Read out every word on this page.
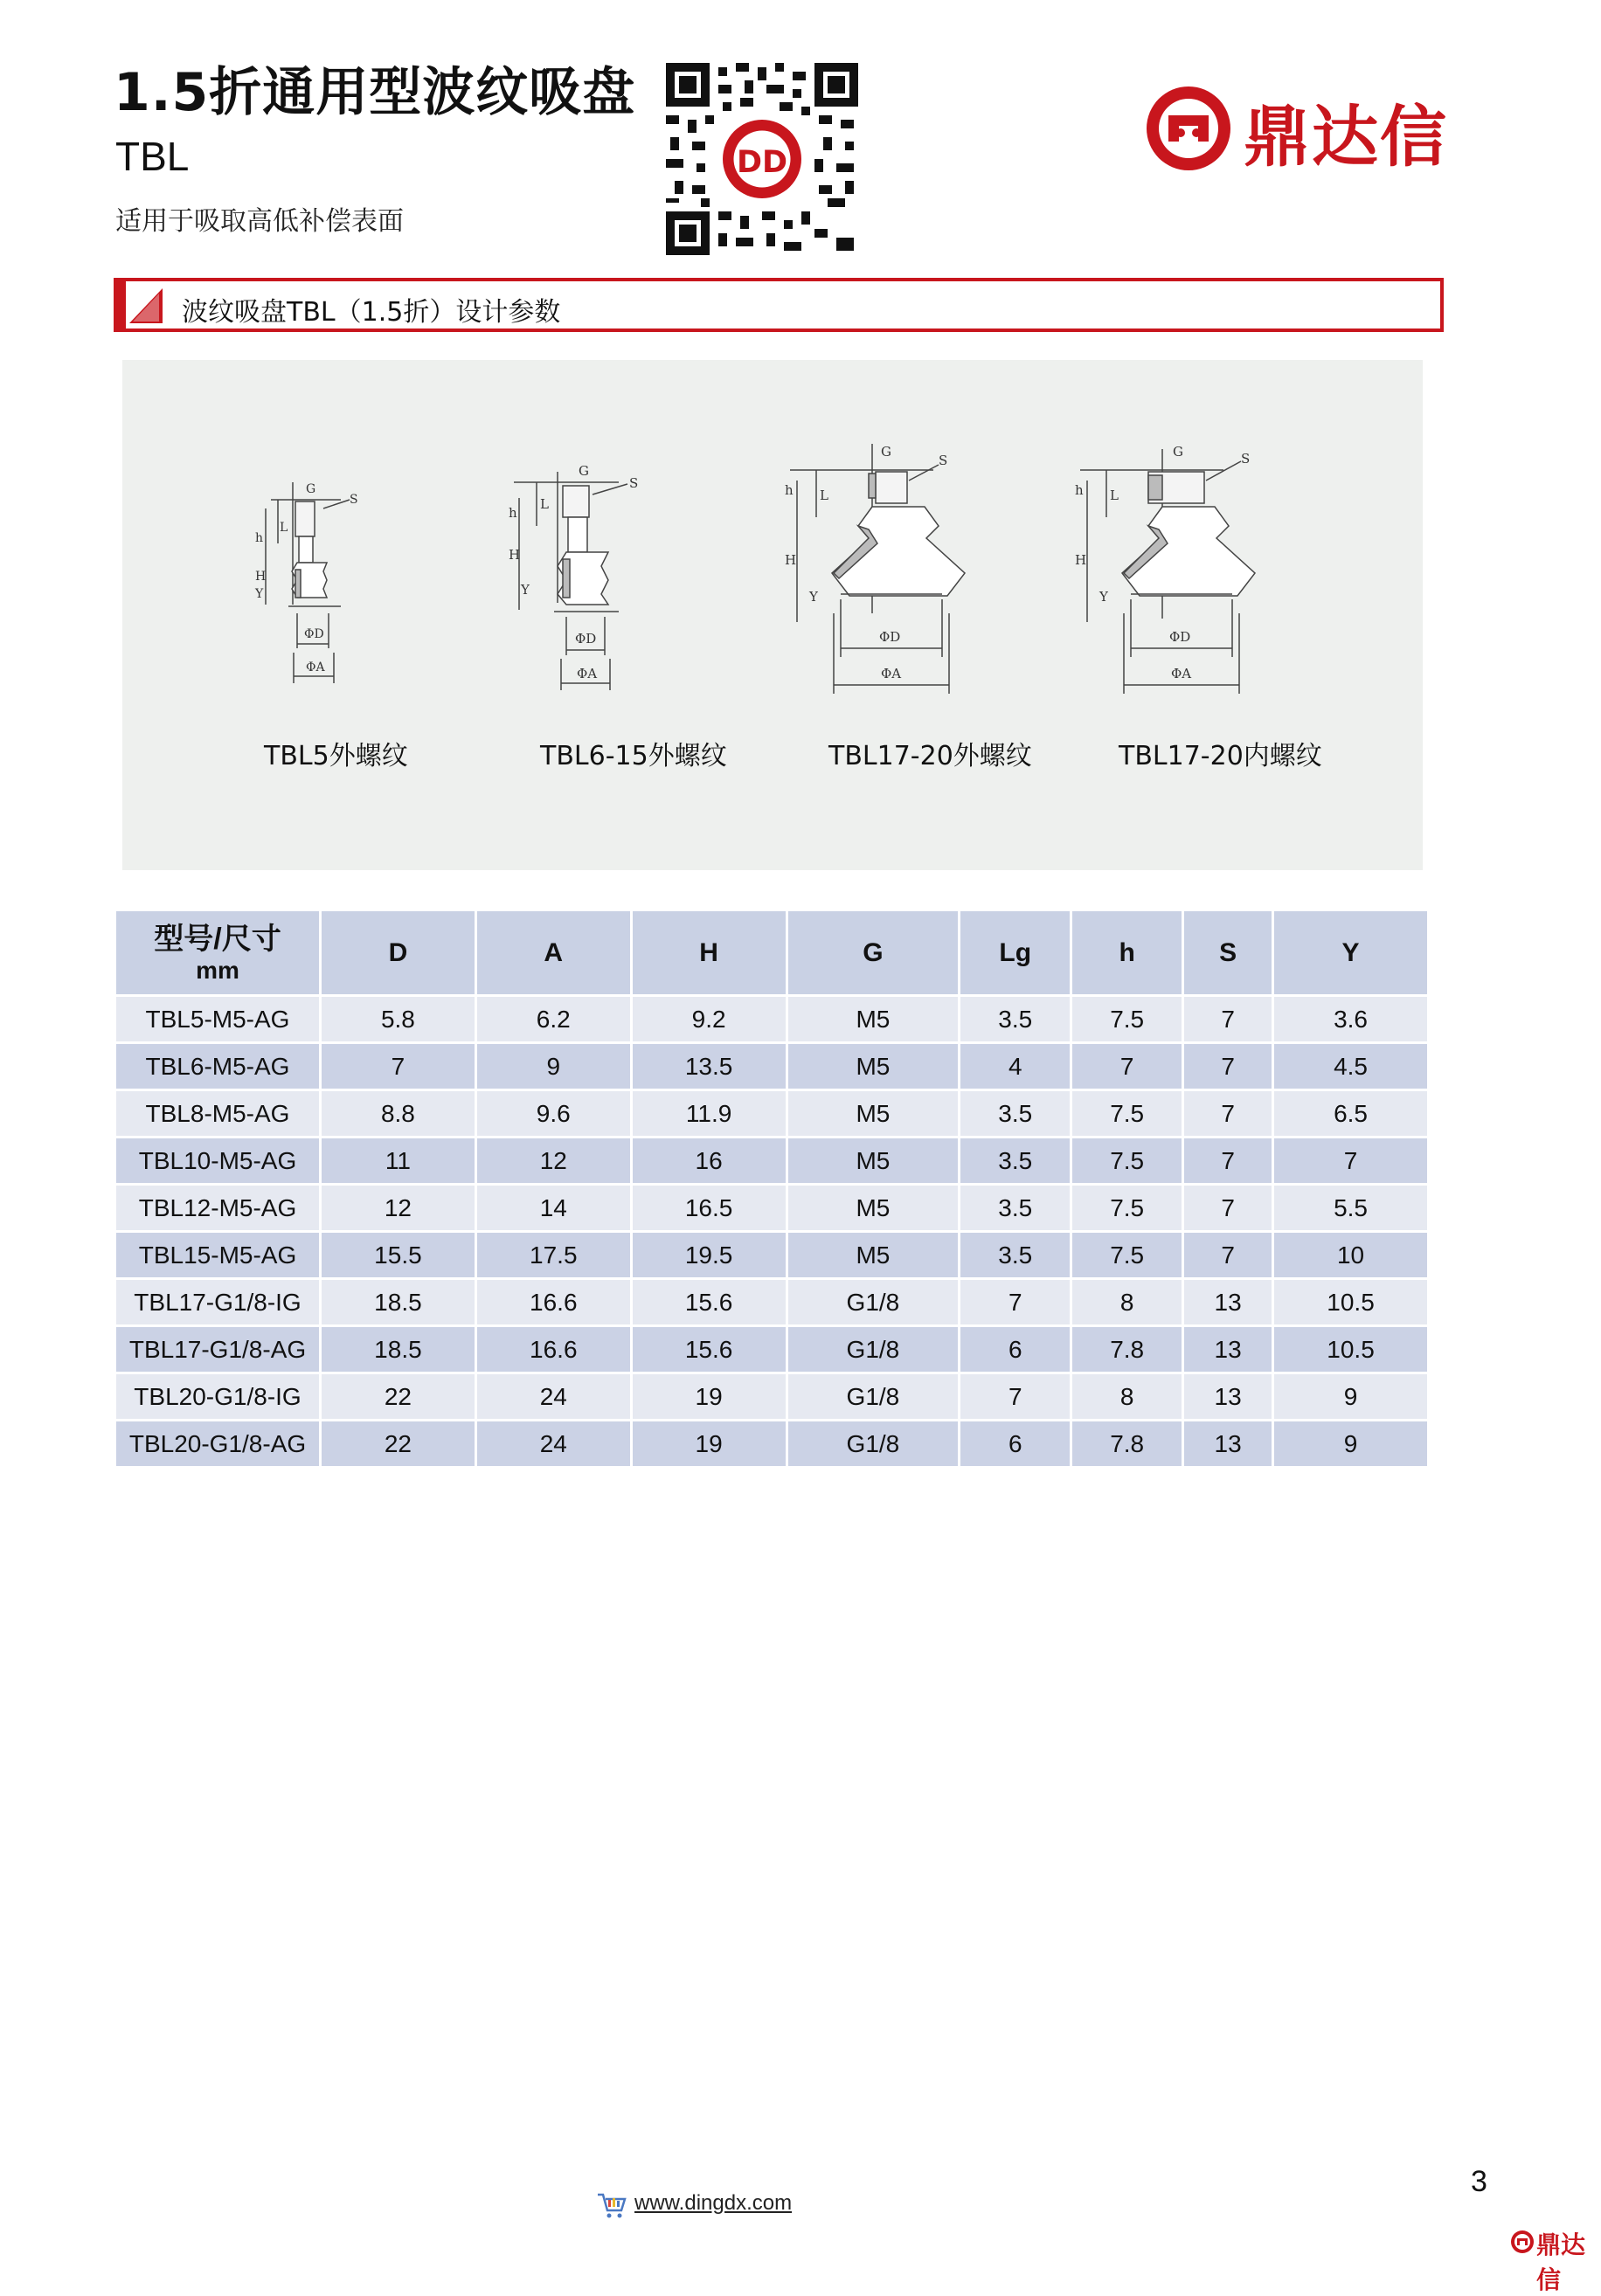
1.5折通用型波纹吸盘
TBL
适用于吸取高低补偿表面
DD	鼎达信
波纹吸盘TBL（1.5折）设计参数
G
S
h
H
Y
L
ΦD
ΦA
G
S
h
H
Y
L
ΦD
ΦA
G
S
h
H
Y
L
ΦD
ΦA
G	S
h
H
Y
L
ΦD
ΦA
TBL5外螺纹	TBL6-15外螺纹	TBL17-20外螺纹	TBL17-20内螺纹
型号/尺寸
mm	D	A	H	G	Lg	h	S	Y
TBL5-M5-AG	5.8	6.2	9.2	M5	3.5	7.5	7	3.6
TBL6-M5-AG	7	9	13.5	M5	4	7	7	4.5
TBL8-M5-AG	8.8	9.6	11.9	M5	3.5	7.5	7	6.5
TBL10-M5-AG	11	12	16	M5	3.5	7.5	7	7
TBL12-M5-AG	12	14	16.5	M5	3.5	7.5	7	5.5
TBL15-M5-AG	15.5	17.5	19.5	M5	3.5	7.5	7	10
TBL17-G1/8-IG	18.5	16.6	15.6	G1/8	7	8	13	10.5
TBL17-G1/8-AG	18.5	16.6	15.6	G1/8	6	7.8	13	10.5
TBL20-G1/8-IG	22	24	19	G1/8	7	8	13	9
TBL20-G1/8-AG	22	24	19	G1/8	6	7.8	13	9
www.dingdx.com
3
鼎达信
